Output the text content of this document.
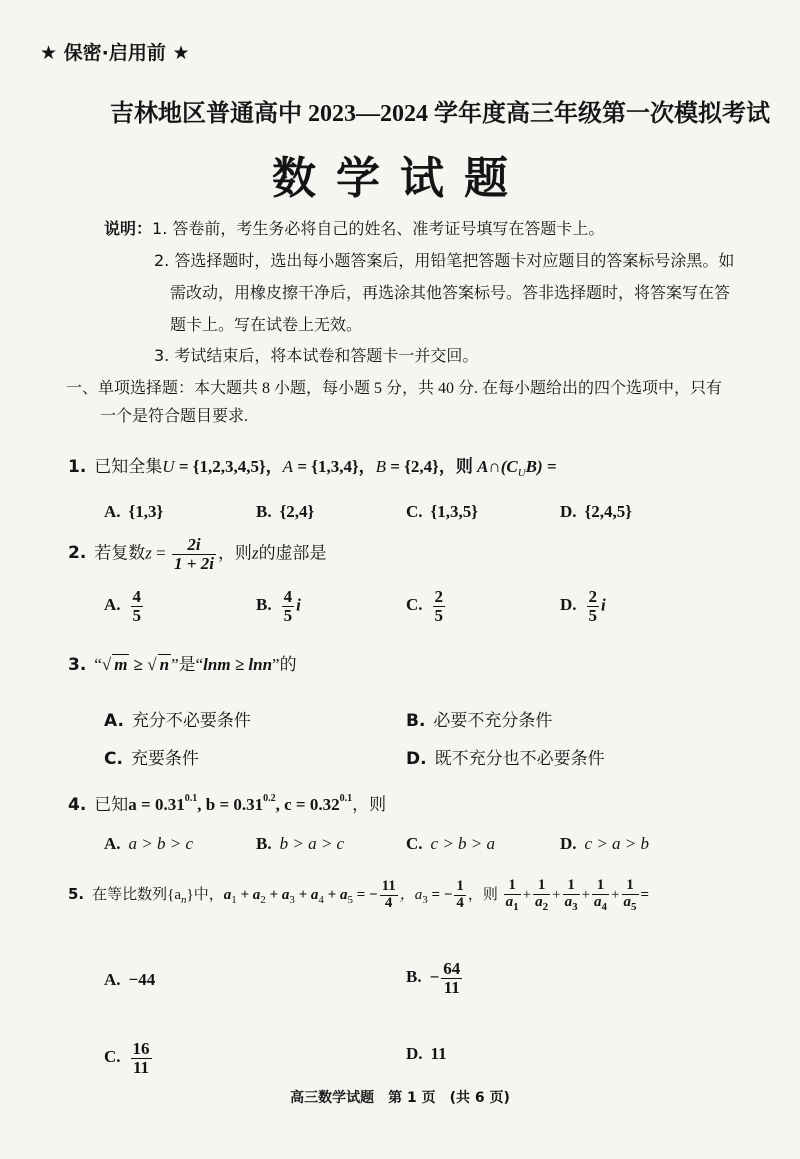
★ 保密·启用前 ★
吉林地区普通高中 2023—2024 学年度高三年级第一次模拟考试
数学试题
说明：1. 答卷前，考生务必将自己的姓名、准考证号填写在答题卡上。
2. 答选择题时，选出每小题答案后，用铅笔把答题卡对应题目的答案标号涂黑。如
需改动，用橡皮擦干净后，再选涂其他答案标号。答非选择题时，将答案写在答
题卡上。写在试卷上无效。
3. 考试结束后，将本试卷和答题卡一并交回。
一、单项选择题：本大题共 8 小题，每小题 5 分，共 40 分. 在每小题给出的四个选项中，只有
一个是符合题目要求.
1. 已知全集U = {1,2,3,4,5}，A = {1,3,4}，B = {2,4}，则 $A\cap(C_UB)$ =
A. {1,3}	B. {2,4}	C. {1,3,5}	D. {2,4,5}
2. 若复数$z = \frac{2i}{1 + 2i}$ ，则z的虚部是
A. $\frac{4}{5}$	B. $\frac{4}{5}$ i	C. $\frac{2}{5}$	D. $\frac{2}{5}$ i
3. “√ m ≥ √ n ”是“lnm ≥ lnn”的
A. 充分不必要条件	B. 必要不充分条件
C. 充要条件	D. 既不充分也不必要条件
4. 已知$a = 0.31^{0.1}$, $b = 0.31^{0.2}$, $c = 0.32^{0.1}$，则
A. a > b > c	B. b > a > c	C. c > b > a	D. c > a > b
5. 在等比数列$\{a_n\}$中，$a_1 + a_2 + a_3 + a_4 + a_5$ = − $\frac{11}{4}$ ，$a_3$ = − $\frac{1}{4}$ ，则 $\frac{1}{a_1} + \frac{1}{a_2} + \frac{1}{a_3} + \frac{1}{a_4} + \frac{1}{a_5}$ =
A. −44	B. − $\frac{64}{11}$
C. $\frac{16}{11}$	D. 11
高三数学试题　第 1 页　(共 6 页)
